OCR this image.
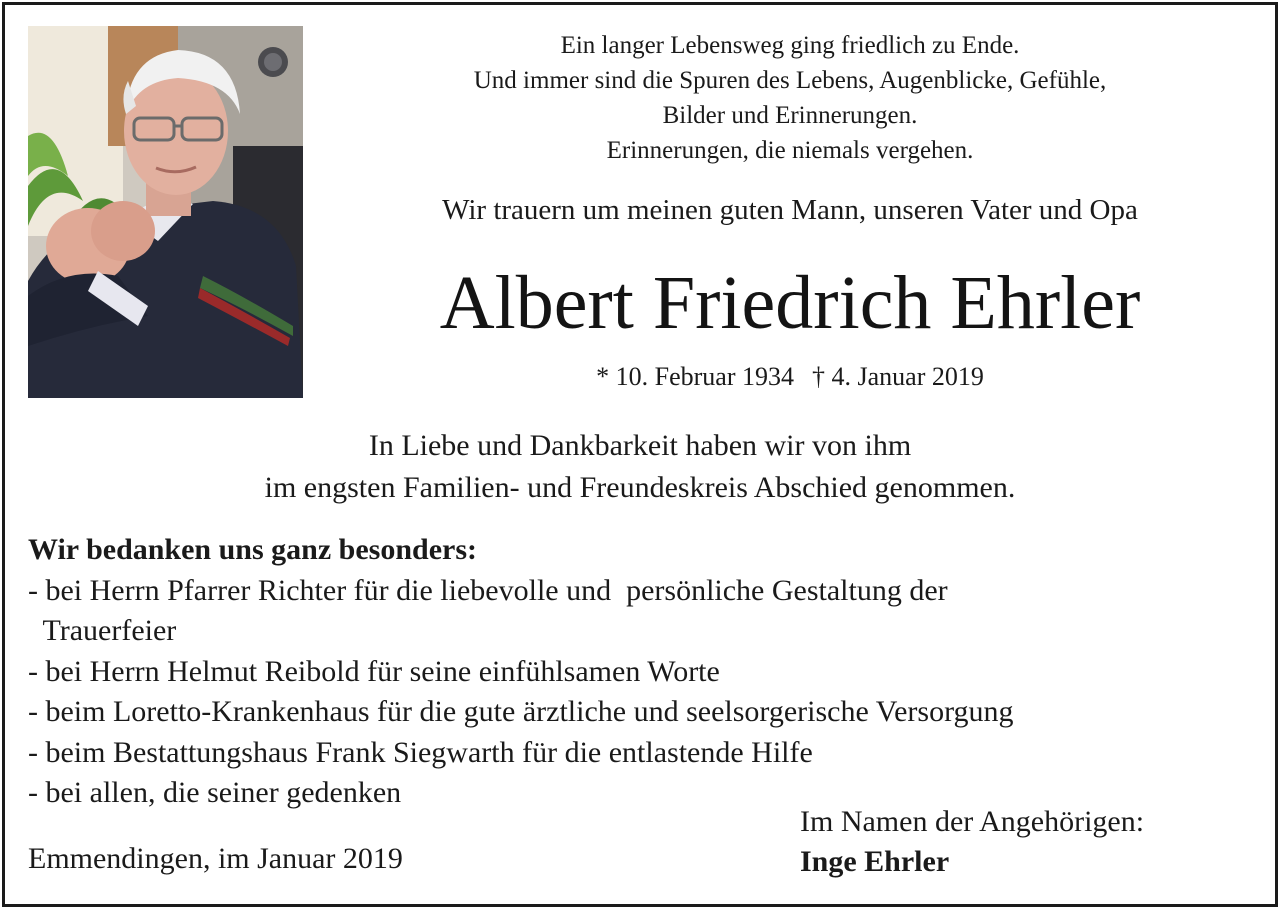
Ein langer Lebensweg ging friedlich zu Ende.
Und immer sind die Spuren des Lebens, Augenblicke, Gefühle,
Bilder und Erinnerungen.
Erinnerungen, die niemals vergehen.
Wir trauern um meinen guten Mann, unseren Vater und Opa
Albert Friedrich Ehrler
* 10. Februar 1934 † 4. Januar 2019
In Liebe und Dankbarkeit haben wir von ihm
im engsten Familien- und Freundeskreis Abschied genommen.
Wir bedanken uns ganz besonders:
- bei Herrn Pfarrer Richter für die liebevolle und  persönliche Gestaltung der
Trauerfeier
- bei Herrn Helmut Reibold für seine einfühlsamen Worte
- beim Loretto-Krankenhaus für die gute ärztliche und seelsorgerische Versorgung
- beim Bestattungshaus Frank Siegwarth für die entlastende Hilfe
- bei allen, die seiner gedenken
Emmendingen, im Januar 2019
Im Namen der Angehörigen:
Inge Ehrler
